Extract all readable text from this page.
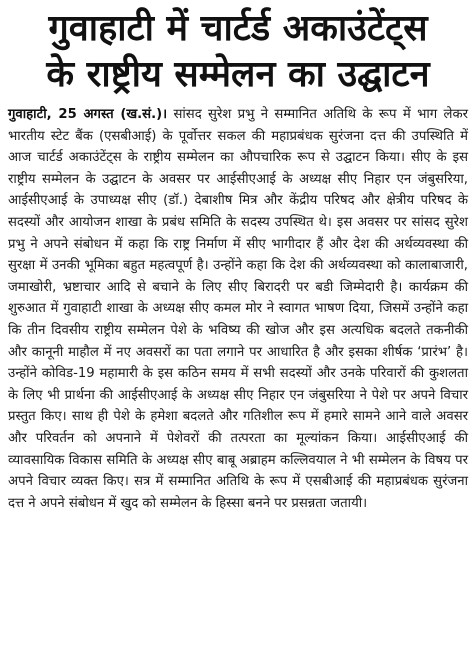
गुवाहाटी में चार्टर्ड अकाउंटेंट्स
के राष्ट्रीय सम्मेलन का उद्घाटन

गुवाहाटी, 25 अगस्त (ख.सं.)। सांसद सुरेश प्रभु ने सम्मानित अतिथि के रूप में भाग लेकर भारतीय स्टेट बैंक (एसबीआई) के पूर्वोत्तर सकल की महाप्रबंधक सुरंजना दत्त की उपस्थिति में आज चार्टर्ड अकाउंटेंट्स के राष्ट्रीय सम्मेलन का औपचारिक रूप से उद्घाटन किया। सीए के इस राष्ट्रीय सम्मेलन के उद्घाटन के अवसर पर आईसीएआई के अध्यक्ष सीए निहार एन जंबुसरिया, आईसीएआई के उपाध्यक्ष सीए (डॉ.) देबाशीष मित्र और केंद्रीय परिषद और क्षेत्रीय परिषद के सदस्यों और आयोजन शाखा के प्रबंध समिति के सदस्य उपस्थित थे। इस अवसर पर सांसद सुरेश प्रभु ने अपने संबोधन में कहा कि राष्ट्र निर्माण में सीए भागीदार हैं और देश की अर्थव्यवस्था की सुरक्षा में उनकी भूमिका बहुत महत्वपूर्ण है। उन्होंने कहा कि देश की अर्थव्यवस्था को कालाबाजारी, जमाखोरी, भ्रष्टाचार आदि से बचाने के लिए सीए बिरादरी पर बडी जिम्मेदारी है। कार्यक्रम की शुरुआत में गुवाहाटी शाखा के अध्यक्ष सीए कमल मोर ने स्वागत भाषण दिया, जिसमें उन्होंने कहा कि तीन दिवसीय राष्ट्रीय सम्मेलन पेशे के भविष्य की खोज और इस अत्यधिक बदलते तकनीकी और कानूनी माहौल में नए अवसरों का पता लगाने पर आधारित है और इसका शीर्षक ‘प्रारंभ’ है। उन्होंने कोविड-19 महामारी के इस कठिन समय में सभी सदस्यों और उनके परिवारों की कुशलता के लिए भी प्रार्थना की आईसीएआई के अध्यक्ष सीए निहार एन जंबुसरिया ने पेशे पर अपने विचार प्रस्तुत किए। साथ ही पेशे के हमेशा बदलते और गतिशील रूप में हमारे सामने आने वाले अवसर और परिवर्तन को अपनाने में पेशेवरों की तत्परता का मूल्यांकन किया। आईसीएआई की व्यावसायिक विकास समिति के अध्यक्ष सीए बाबू अब्राहम कल्लिवयाल ने भी सम्मेलन के विषय पर अपने विचार व्यक्त किए। सत्र में सम्मानित अतिथि के रूप में एसबीआई की महाप्रबंधक सुरंजना दत्त ने अपने संबोधन में खुद को सम्मेलन के हिस्सा बनने पर प्रसन्नता जतायी।
